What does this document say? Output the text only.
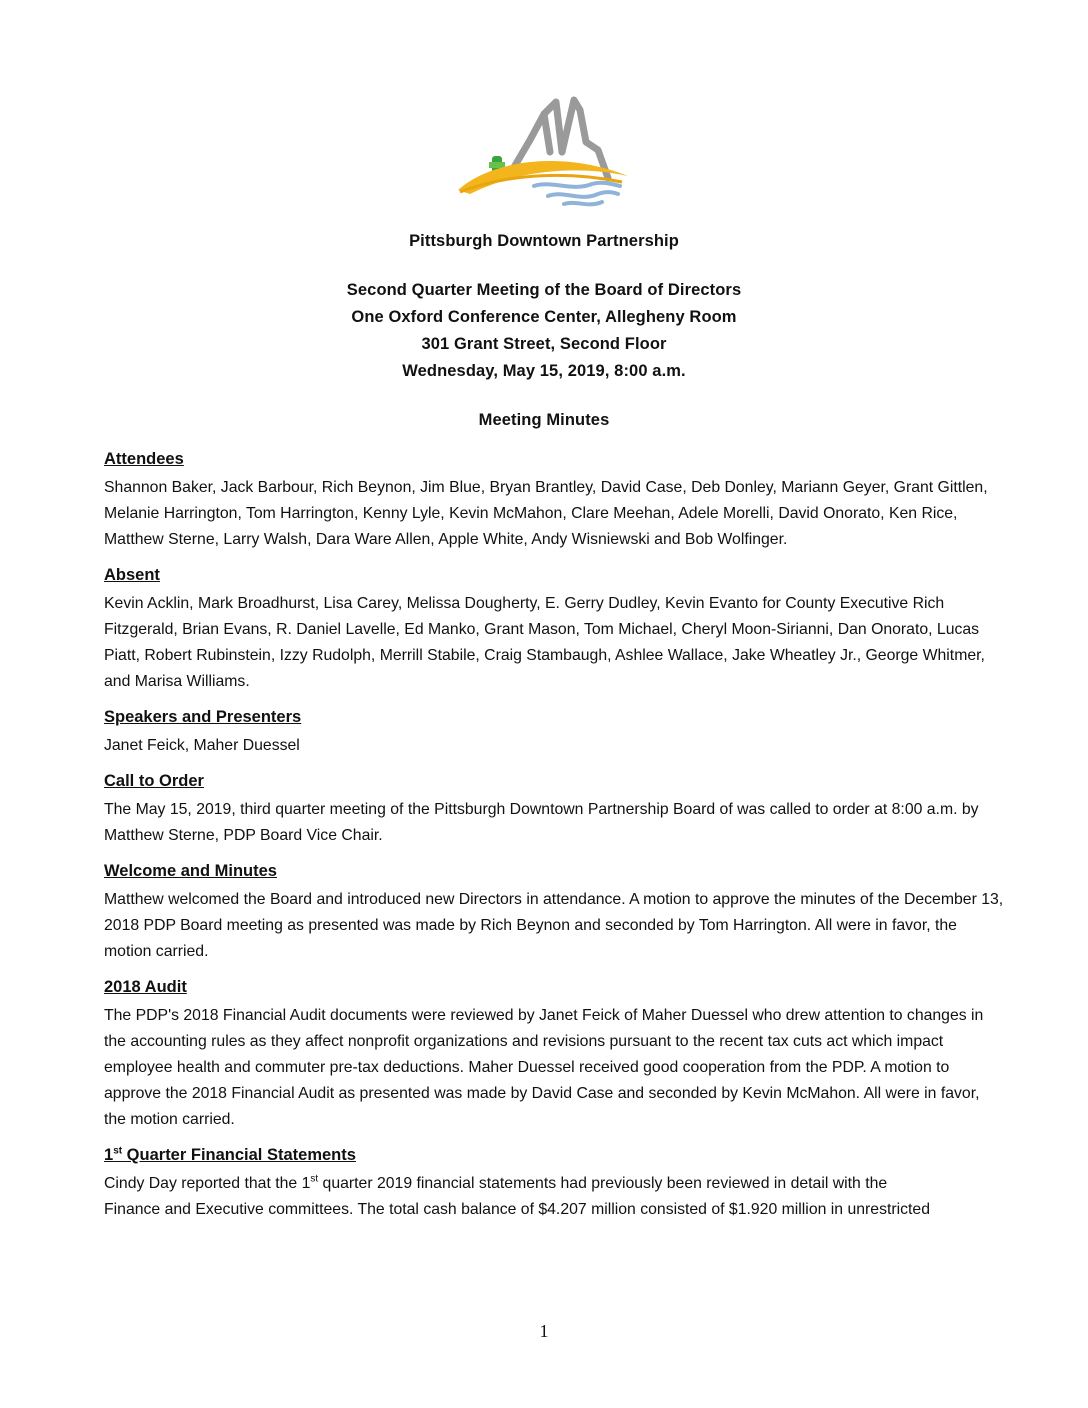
Pittsburgh Downtown Partnership
Second Quarter Meeting of the Board of Directors
One Oxford Conference Center, Allegheny Room
301 Grant Street, Second Floor
Wednesday, May 15, 2019, 8:00 a.m.
Meeting Minutes
Attendees
Shannon Baker, Jack Barbour, Rich Beynon, Jim Blue, Bryan Brantley, David Case, Deb Donley, Mariann Geyer, Grant Gittlen, Melanie Harrington, Tom Harrington, Kenny Lyle, Kevin McMahon, Clare Meehan, Adele Morelli, David Onorato, Ken Rice, Matthew Sterne, Larry Walsh, Dara Ware Allen, Apple White, Andy Wisniewski and Bob Wolfinger.
Absent
Kevin Acklin, Mark Broadhurst, Lisa Carey, Melissa Dougherty, E. Gerry Dudley, Kevin Evanto for County Executive Rich Fitzgerald, Brian Evans, R. Daniel Lavelle, Ed Manko, Grant Mason, Tom Michael, Cheryl Moon-Sirianni, Dan Onorato, Lucas Piatt, Robert Rubinstein, Izzy Rudolph, Merrill Stabile, Craig Stambaugh, Ashlee Wallace, Jake Wheatley Jr., George Whitmer, and Marisa Williams.
Speakers and Presenters
Janet Feick, Maher Duessel
Call to Order
The May 15, 2019, third quarter meeting of the Pittsburgh Downtown Partnership Board of was called to order at 8:00 a.m. by Matthew Sterne, PDP Board Vice Chair.
Welcome and Minutes
Matthew welcomed the Board and introduced new Directors in attendance. A motion to approve the minutes of the December 13, 2018 PDP Board meeting as presented was made by Rich Beynon and seconded by Tom Harrington. All were in favor, the motion carried.
2018 Audit
The PDP's 2018 Financial Audit documents were reviewed by Janet Feick of Maher Duessel who drew attention to changes in the accounting rules as they affect nonprofit organizations and revisions pursuant to the recent tax cuts act which impact employee health and commuter pre-tax deductions. Maher Duessel received good cooperation from the PDP. A motion to approve the 2018 Financial Audit as presented was made by David Case and seconded by Kevin McMahon. All were in favor, the motion carried.
1st Quarter Financial Statements
Cindy Day reported that the 1st quarter 2019 financial statements had previously been reviewed in detail with the
Finance and Executive committees. The total cash balance of $4.207 million consisted of $1.920 million in unrestricted
1
